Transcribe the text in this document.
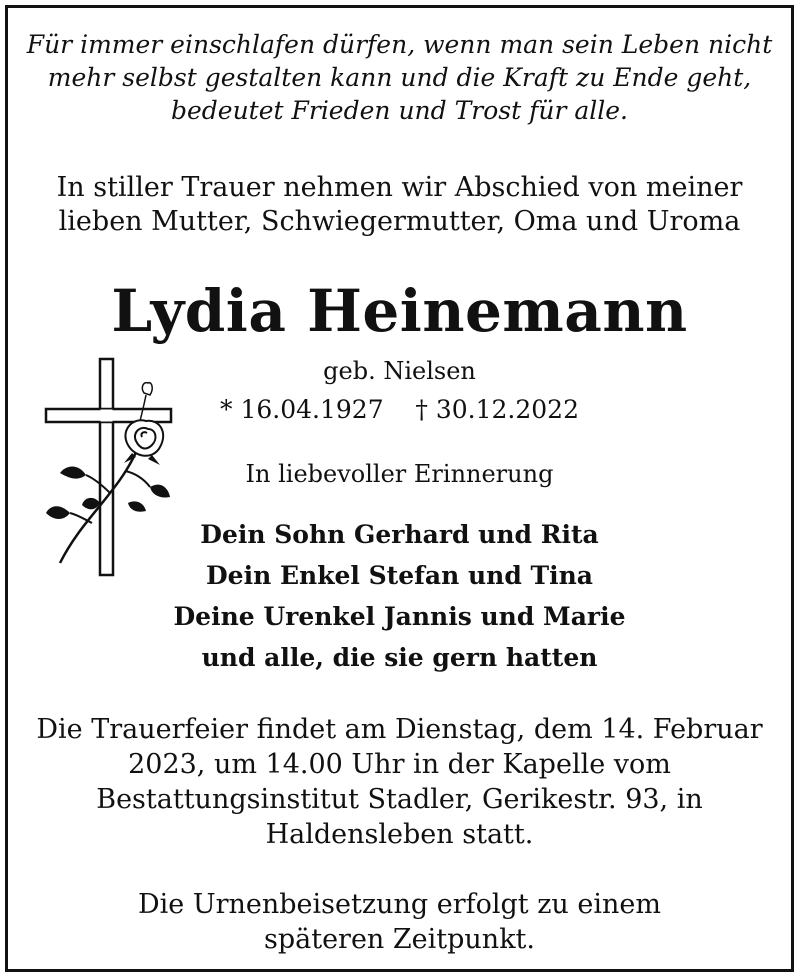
Für immer einschlafen dürfen, wenn man sein Leben nicht
mehr selbst gestalten kann und die Kraft zu Ende geht,
bedeutet Frieden und Trost für alle.
In stiller Trauer nehmen wir Abschied von meiner
lieben Mutter, Schwiegermutter, Oma und Uroma
Lydia Heinemann
geb. Nielsen
* 16.04.1927    † 30.12.2022
In liebevoller Erinnerung
Dein Sohn Gerhard und Rita
Dein Enkel Stefan und Tina
Deine Urenkel Jannis und Marie
und alle, die sie gern hatten
Die Trauerfeier findet am Dienstag, dem 14. Februar
2023, um 14.00 Uhr in der Kapelle vom
Bestattungsinstitut Stadler, Gerikestr. 93, in
Haldensleben statt.
Die Urnenbeisetzung erfolgt zu einem
späteren Zeitpunkt.
